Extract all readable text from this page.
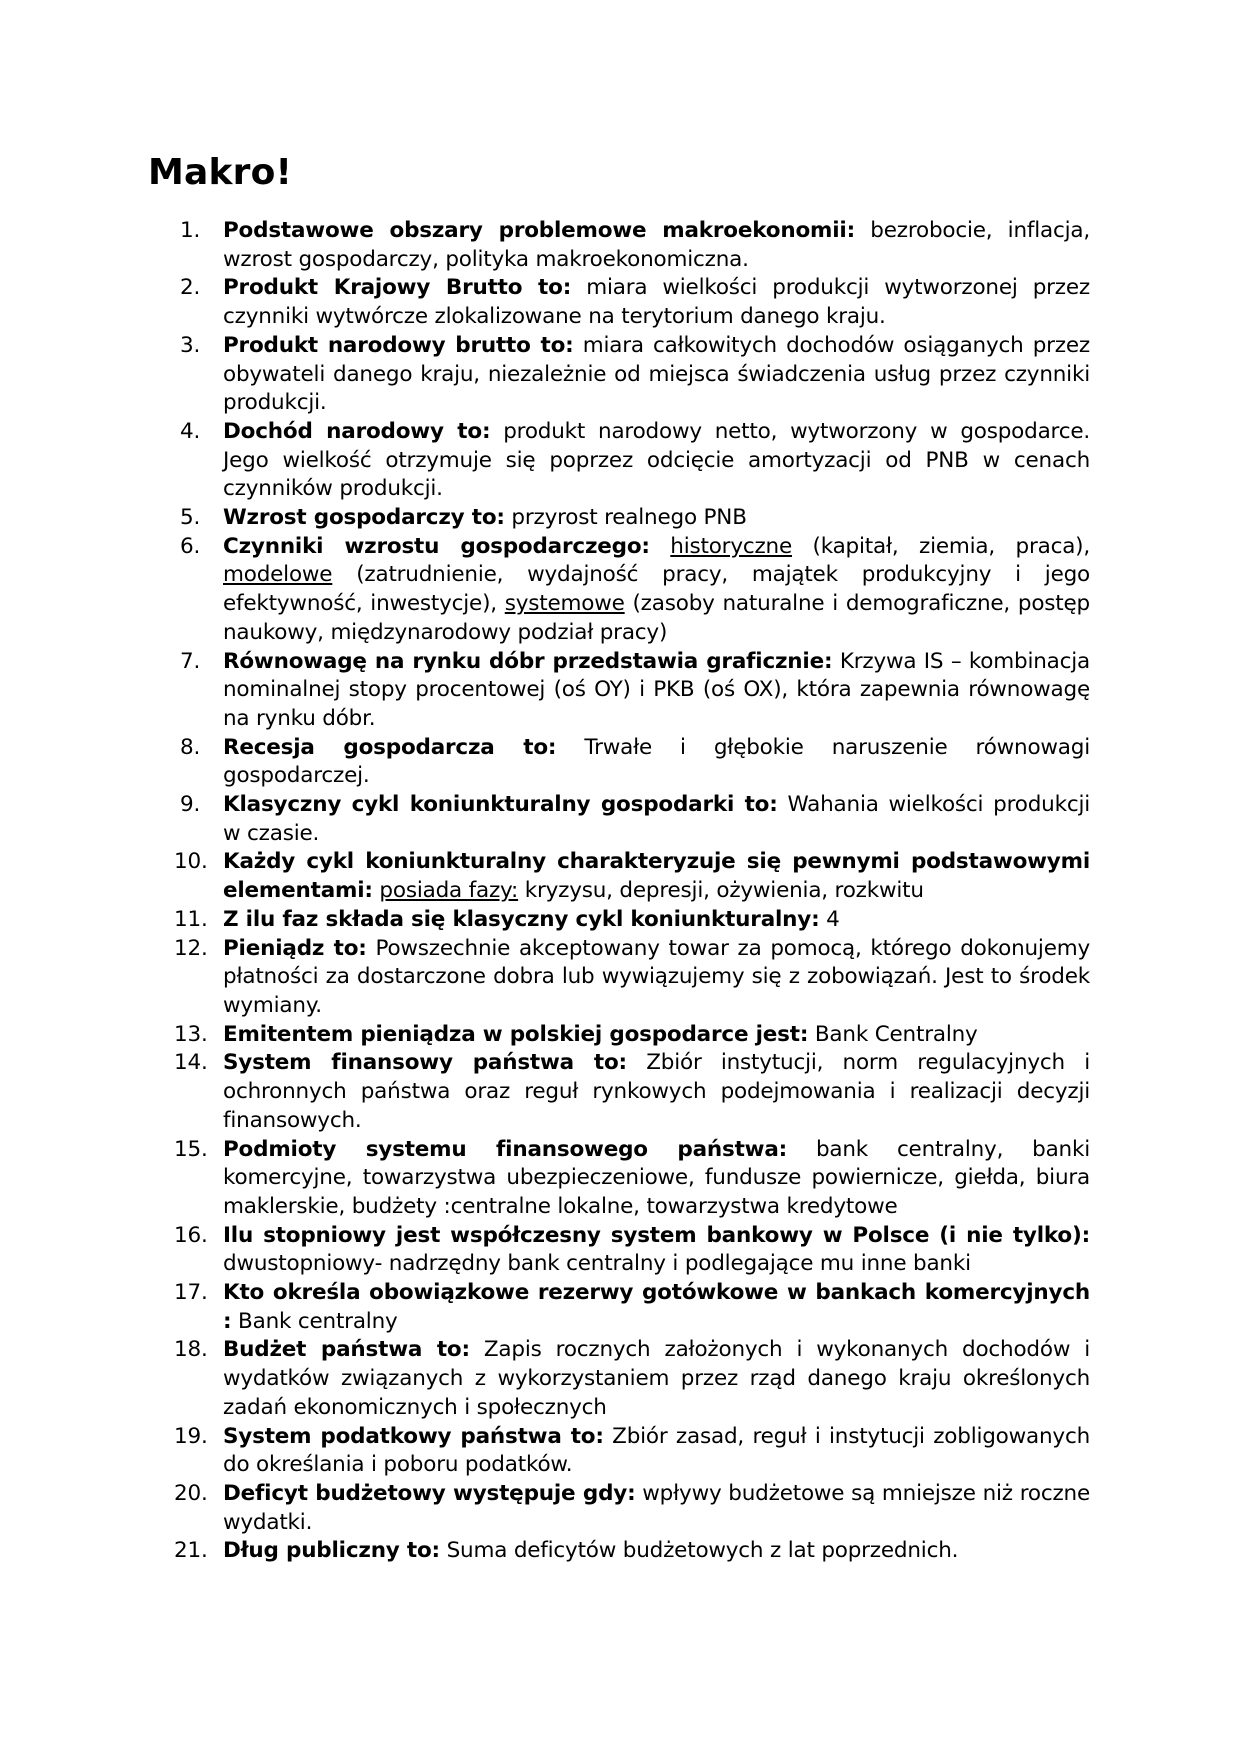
Makro!
1.	Podstawowe obszary problemowe makroekonomii: bezrobocie, inflacja, wzrost gospodarczy, polityka makroekonomiczna.
2.	Produkt Krajowy Brutto to: miara wielkości produkcji wytworzonej przez czynniki wytwórcze zlokalizowane na terytorium danego kraju.
3.	Produkt narodowy brutto to: miara całkowitych dochodów osiąganych przez obywateli danego kraju, niezależnie od miejsca świadczenia usług przez czynniki produkcji.
4.	Dochód narodowy to: produkt narodowy netto, wytworzony w gospodarce. Jego wielkość otrzymuje się poprzez odcięcie amortyzacji od PNB w cenach czynników produkcji.
5.	Wzrost gospodarczy to: przyrost realnego PNB
6.	Czynniki wzrostu gospodarczego: historyczne (kapitał, ziemia, praca), modelowe (zatrudnienie, wydajność pracy, majątek produkcyjny i jego efektywność, inwestycje), systemowe (zasoby naturalne i demograficzne, postęp naukowy, międzynarodowy podział pracy)
7.	Równowagę na rynku dóbr przedstawia graficznie: Krzywa IS – kombinacja nominalnej stopy procentowej (oś OY) i PKB (oś OX), która zapewnia równowagę na rynku dóbr.
8.	Recesja gospodarcza to: Trwałe i głębokie naruszenie równowagi gospodarczej.
9.	Klasyczny cykl koniunkturalny gospodarki to: Wahania wielkości produkcji w czasie.
10. Każdy cykl koniunkturalny charakteryzuje się pewnymi podstawowymi elementami: posiada fazy: kryzysu, depresji, ożywienia, rozkwitu
11. Z ilu faz składa się klasyczny cykl koniunkturalny: 4
12. Pieniądz to: Powszechnie akceptowany towar za pomocą, którego dokonujemy płatności za dostarczone dobra lub wywiązujemy się z zobowiązań. Jest to środek wymiany.
13. Emitentem pieniądza w polskiej gospodarce jest: Bank Centralny
14. System finansowy państwa to: Zbiór instytucji, norm regulacyjnych i ochronnych państwa oraz reguł rynkowych podejmowania i realizacji decyzji finansowych.
15. Podmioty systemu finansowego państwa: bank centralny, banki komercyjne, towarzystwa ubezpieczeniowe, fundusze powiernicze, giełda, biura maklerskie, budżety :centralne lokalne, towarzystwa kredytowe
16. Ilu stopniowy jest współczesny system bankowy w Polsce (i nie tylko): dwustopniowy- nadrzędny bank centralny i podlegające mu inne banki
17. Kto określa obowiązkowe rezerwy gotówkowe w bankach komercyjnych : Bank centralny
18. Budżet państwa to: Zapis rocznych założonych i wykonanych dochodów i wydatków związanych z wykorzystaniem przez rząd danego kraju określonych zadań ekonomicznych i społecznych
19. System podatkowy państwa to: Zbiór zasad, reguł i instytucji zobligowanych do określania i poboru podatków.
20. Deficyt budżetowy występuje gdy: wpływy budżetowe są mniejsze niż roczne wydatki.
21. Dług publiczny to: Suma deficytów budżetowych z lat poprzednich.
